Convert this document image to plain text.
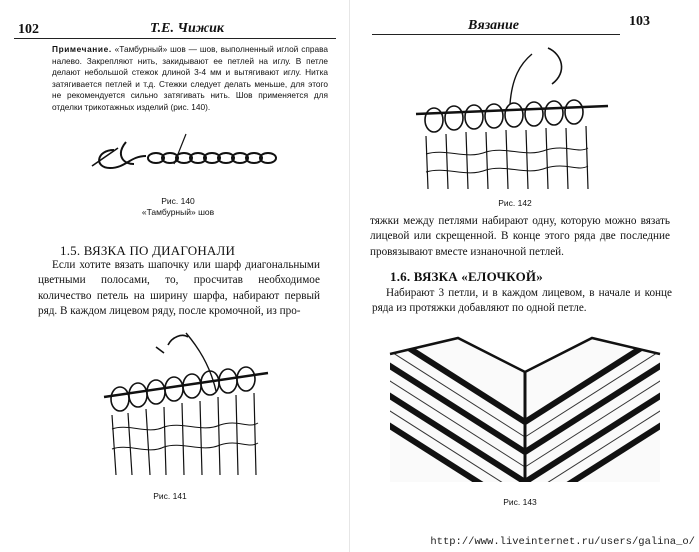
102	Т.Е. Чижик
Примечание. «Тамбурный» шов — шов, выполненный иглой справа налево. Закрепляют нить, закидывают ее петлей на иглу. В петле делают небольшой стежок длиной 3-4 мм и вытягивают иглу. Нитка затягивается петлей и т.д. Стежки следует делать меньше, для этого не рекомендуется сильно затягивать нить. Шов применяется для отделки трикотажных изделий (рис. 140).
Рис. 140
«Тамбурный» шов
1.5. ВЯЗКА ПО ДИАГОНАЛИ

Если хотите вязать шапочку или шарф диагональными цветными полосами, то, просчитав необходимое количество петель на ширину шарфа, набирают первый ряд. В каждом лицевом ряду, после кромочной, из про-

Рис. 141
Вязание	103
Рис. 142

тяжки между петлями набирают одну, которую можно вязать лицевой или скрещенной. В конце этого ряда две последние провязывают вместе изнаночной петлей.

1.6. ВЯЗКА «ЕЛОЧКОЙ»

Набирают 3 петли, и в каждом лицевом, в начале и конце ряда из протяжки добавляют по одной петле.

Рис. 143
http://www.liveinternet.ru/users/galina_o/
